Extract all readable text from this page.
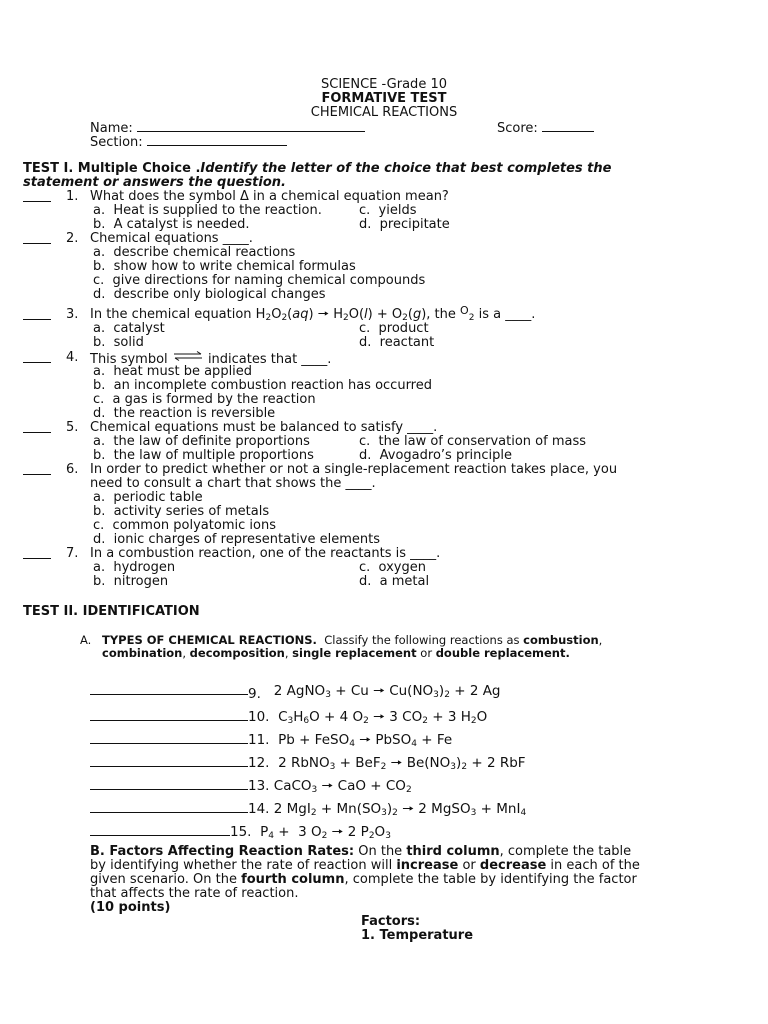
SCIENCE -Grade 10
FORMATIVE TEST
CHEMICAL REACTIONS
Name:	Score:
Section:
TEST I. Multiple Choice .Identify the letter of the choice that best completes the
statement or answers the question.
1. What does the symbol Δ in a chemical equation mean?
a. Heat is supplied to the reaction.	c. yields
b. A catalyst is needed.	d. precipitate
2. Chemical equations ____.
a. describe chemical reactions
b. show how to write chemical formulas
c. give directions for naming chemical compounds
d. describe only biological changes
3. In the chemical equation $H_2O_2(aq)$ 🠖 $H_2O(l) + O_2(g)$, the $^O_2$ is a ____.
a. catalyst	c. product
b. solid	d. reactant
4. This symbol ⇌ indicates that ____.
a. heat must be applied
b. an incomplete combustion reaction has occurred
c. a gas is formed by the reaction
d. the reaction is reversible
5. Chemical equations must be balanced to satisfy ____.
a. the law of definite proportions	c. the law of conservation of mass
b. the law of multiple proportions	d. Avogadro’s principle
6. In order to predict whether or not a single-replacement reaction takes place, you
need to consult a chart that shows the ____.
a. periodic table
b. activity series of metals
c. common polyatomic ions
d. ionic charges of representative elements
7. In a combustion reaction, one of the reactants is ____.
a. hydrogen	c. oxygen
b. nitrogen	d. a metal
TEST II. IDENTIFICATION
A. TYPES OF CHEMICAL REACTIONS. Classify the following reactions as combustion,
combination, decomposition, single replacement or double replacement.
9.   2 AgNO$_3$ + Cu 🠖 $Cu(NO_3)_2 + 2$ Ag
10.  $C_3H_6O + 4$ $O_2$ 🠖 3 $CO_2 + 3$ $H_2O$
11.  Pb + FeSO$_4$ 🠖 PbSO$_4$ + Fe
12.  2 RbNO$_3$ + BeF$_2$ 🠖 $Be(NO_3)_2 + 2$ RbF
13. CaCO$_3$ 🠖 CaO + $CO_2$
14. 2 $MgI_2 + Mn(SO_3)_2$ 🠖 2 MgSO$_3$ + MnI$_4$
15.  $P_4 + 3$ $O_2$ 🠖 2 $P_2O_3$
B. Factors Affecting Reaction Rates: On the third column, complete the table
by identifying whether the rate of reaction will increase or decrease in each of the
given scenario. On the fourth column, complete the table by identifying the factor
that affects the rate of reaction.
(10 points)
Factors:
1. Temperature
